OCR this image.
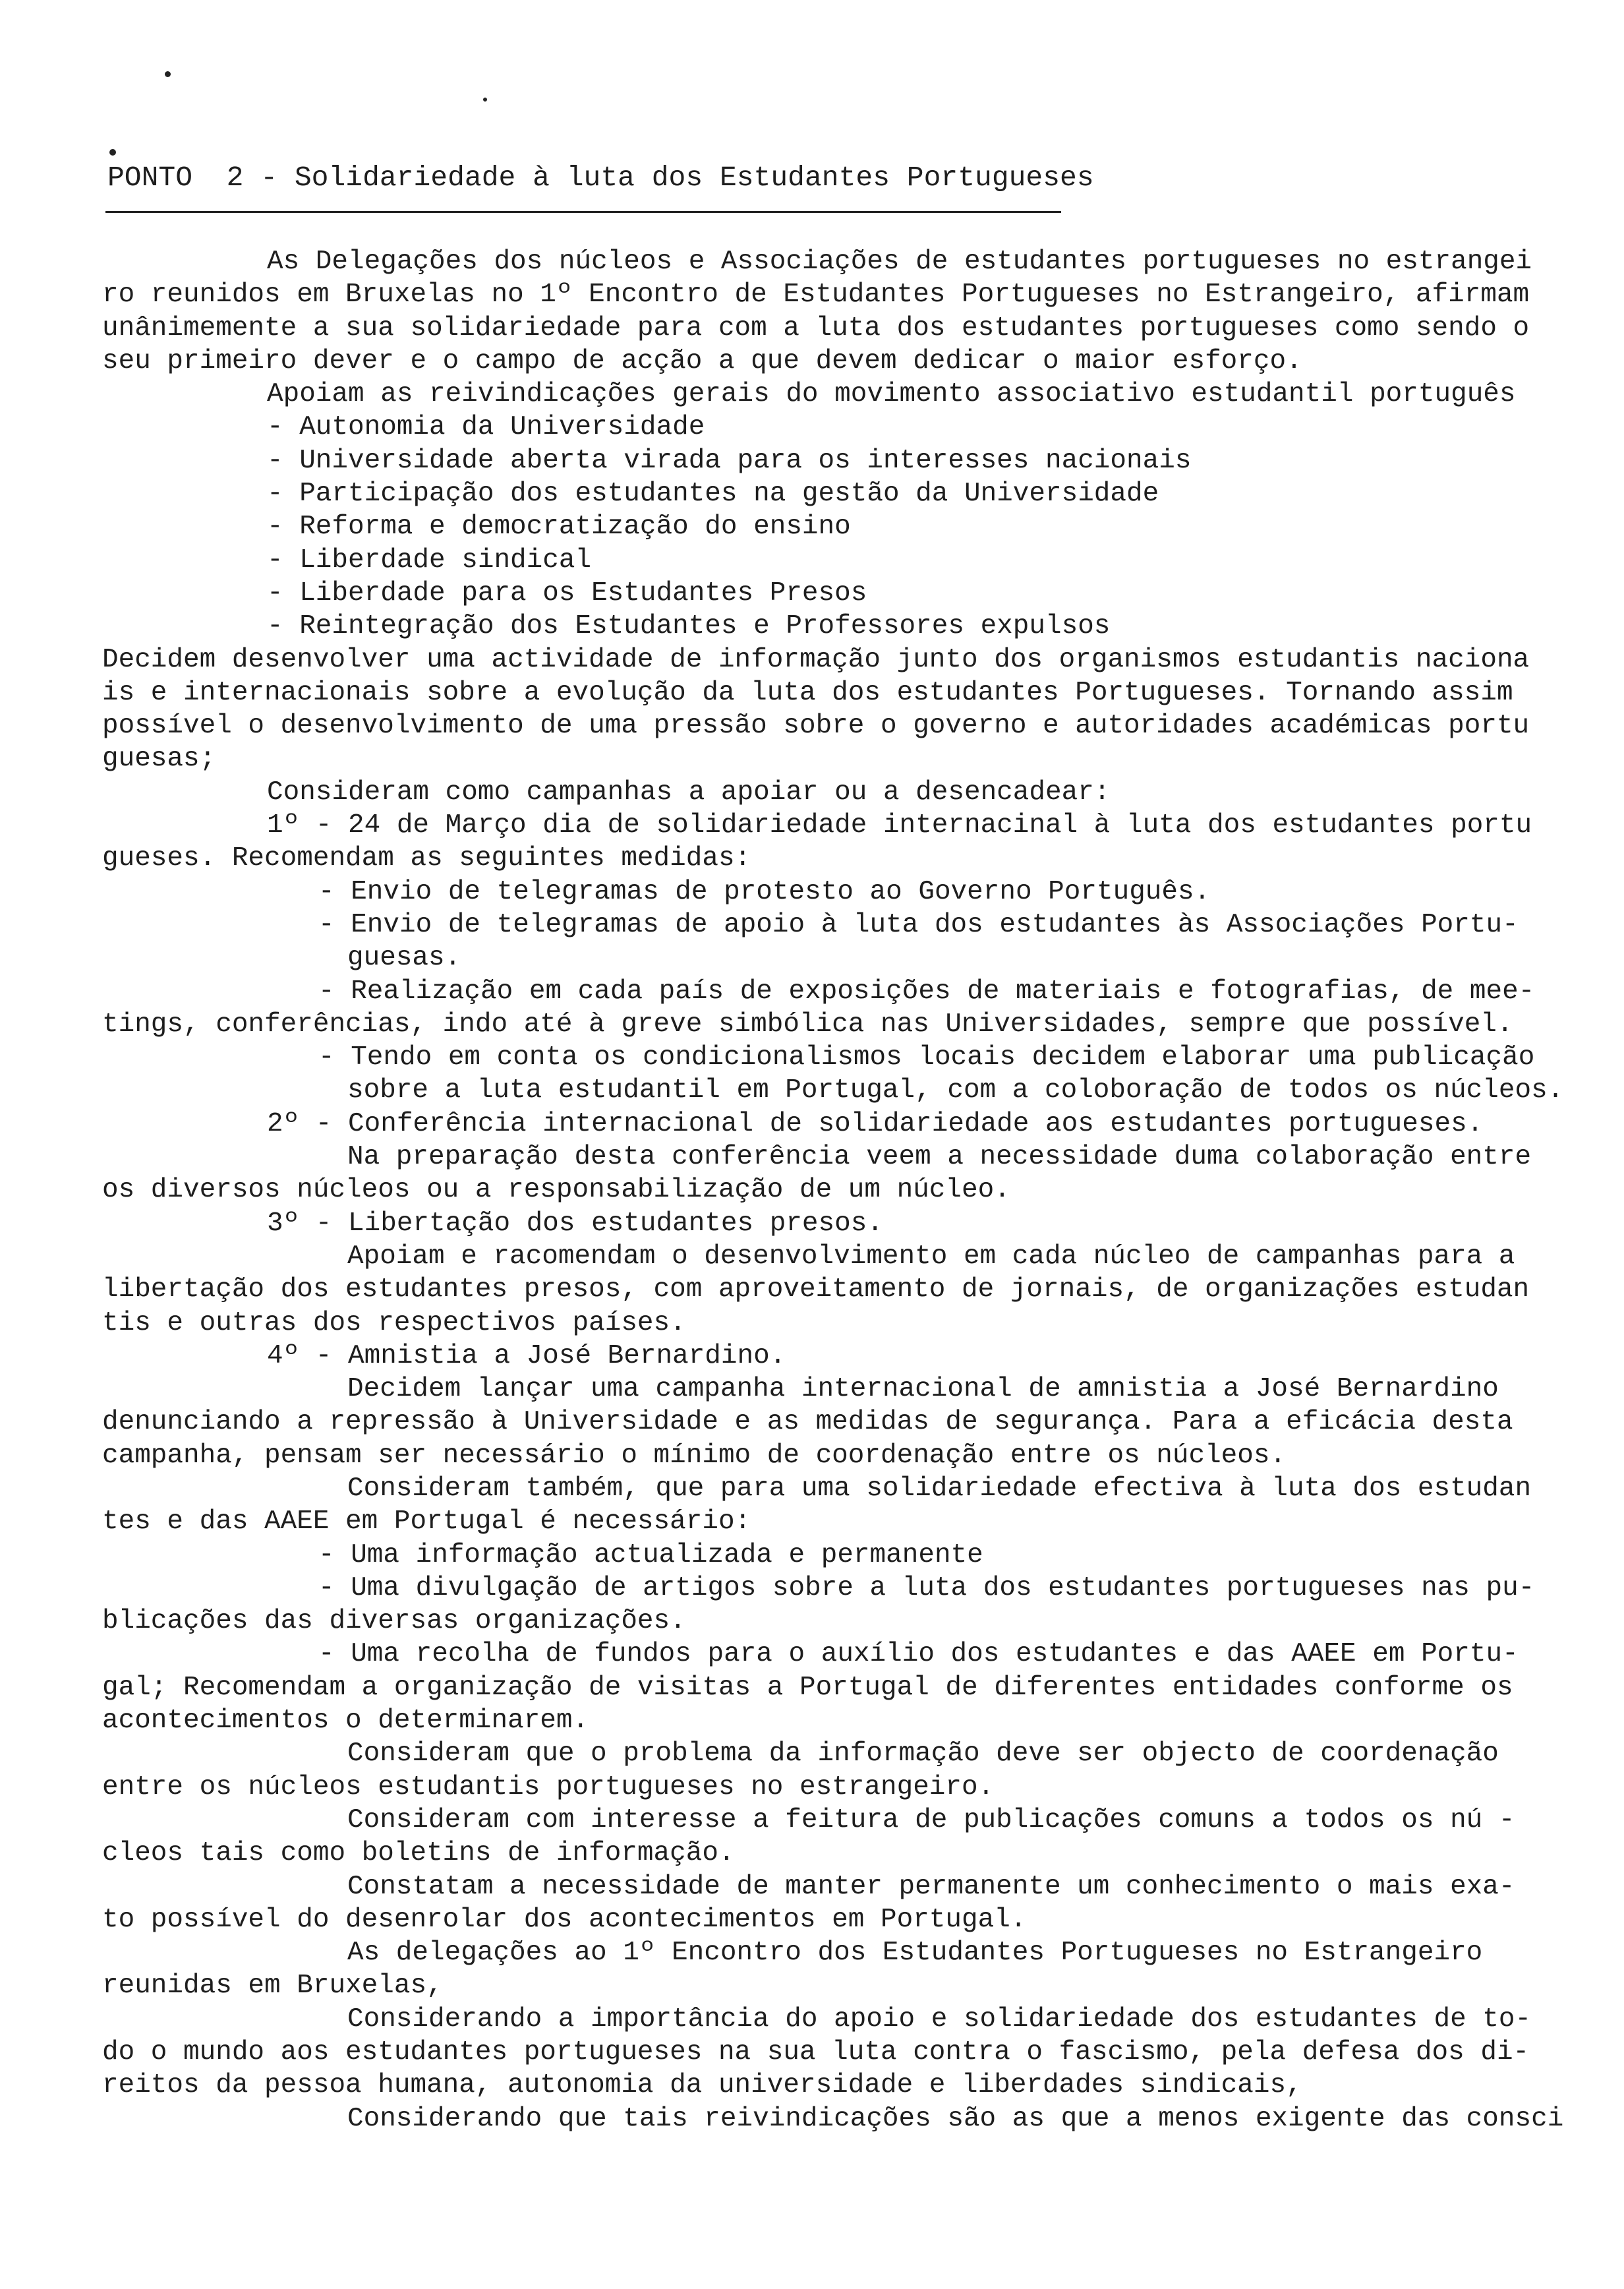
PONTO  2 - Solidariedade à luta dos Estudantes Portugueses
As Delegações dos núcleos e Associações de estudantes portugueses no estrangei
ro reunidos em Bruxelas no 1º Encontro de Estudantes Portugueses no Estrangeiro, afirmam
unânimemente a sua solidariedade para com a luta dos estudantes portugueses como sendo o
seu primeiro dever e o campo de acção a que devem dedicar o maior esforço.
Apoiam as reivindicações gerais do movimento associativo estudantil português
- Autonomia da Universidade
- Universidade aberta virada para os interesses nacionais
- Participação dos estudantes na gestão da Universidade
- Reforma e democratização do ensino
- Liberdade sindical
- Liberdade para os Estudantes Presos
- Reintegração dos Estudantes e Professores expulsos
Decidem desenvolver uma actividade de informação junto dos organismos estudantis naciona
is e internacionais sobre a evolução da luta dos estudantes Portugueses. Tornando assim
possível o desenvolvimento de uma pressão sobre o governo e autoridades académicas portu
guesas;
Consideram como campanhas a apoiar ou a desencadear:
1º - 24 de Março dia de solidariedade internacinal à luta dos estudantes portu
gueses. Recomendam as seguintes medidas:
- Envio de telegramas de protesto ao Governo Português.
- Envio de telegramas de apoio à luta dos estudantes às Associações Portu-
guesas.
- Realização em cada país de exposições de materiais e fotografias, de mee-
tings, conferências, indo até à greve simbólica nas Universidades, sempre que possível.
- Tendo em conta os condicionalismos locais decidem elaborar uma publicação
sobre a luta estudantil em Portugal, com a coloboração de todos os núcleos.
2º - Conferência internacional de solidariedade aos estudantes portugueses.
Na preparação desta conferência veem a necessidade duma colaboração entre
os diversos núcleos ou a responsabilização de um núcleo.
3º - Libertação dos estudantes presos.
Apoiam e racomendam o desenvolvimento em cada núcleo de campanhas para a
libertação dos estudantes presos, com aproveitamento de jornais, de organizações estudan
tis e outras dos respectivos países.
4º - Amnistia a José Bernardino.
Decidem lançar uma campanha internacional de amnistia a José Bernardino
denunciando a repressão à Universidade e as medidas de segurança. Para a eficácia desta
campanha, pensam ser necessário o mínimo de coordenação entre os núcleos.
Consideram também, que para uma solidariedade efectiva à luta dos estudan
tes e das AAEE em Portugal é necessário:
- Uma informação actualizada e permanente
- Uma divulgação de artigos sobre a luta dos estudantes portugueses nas pu-
blicações das diversas organizações.
- Uma recolha de fundos para o auxílio dos estudantes e das AAEE em Portu-
gal; Recomendam a organização de visitas a Portugal de diferentes entidades conforme os
acontecimentos o determinarem.
Consideram que o problema da informação deve ser objecto de coordenação
entre os núcleos estudantis portugueses no estrangeiro.
Consideram com interesse a feitura de publicações comuns a todos os nú -
cleos tais como boletins de informação.
Constatam a necessidade de manter permanente um conhecimento o mais exa-
to possível do desenrolar dos acontecimentos em Portugal.
As delegações ao 1º Encontro dos Estudantes Portugueses no Estrangeiro
reunidas em Bruxelas,
Considerando a importância do apoio e solidariedade dos estudantes de to-
do o mundo aos estudantes portugueses na sua luta contra o fascismo, pela defesa dos di-
reitos da pessoa humana, autonomia da universidade e liberdades sindicais,
Considerando que tais reivindicações são as que a menos exigente das consci
